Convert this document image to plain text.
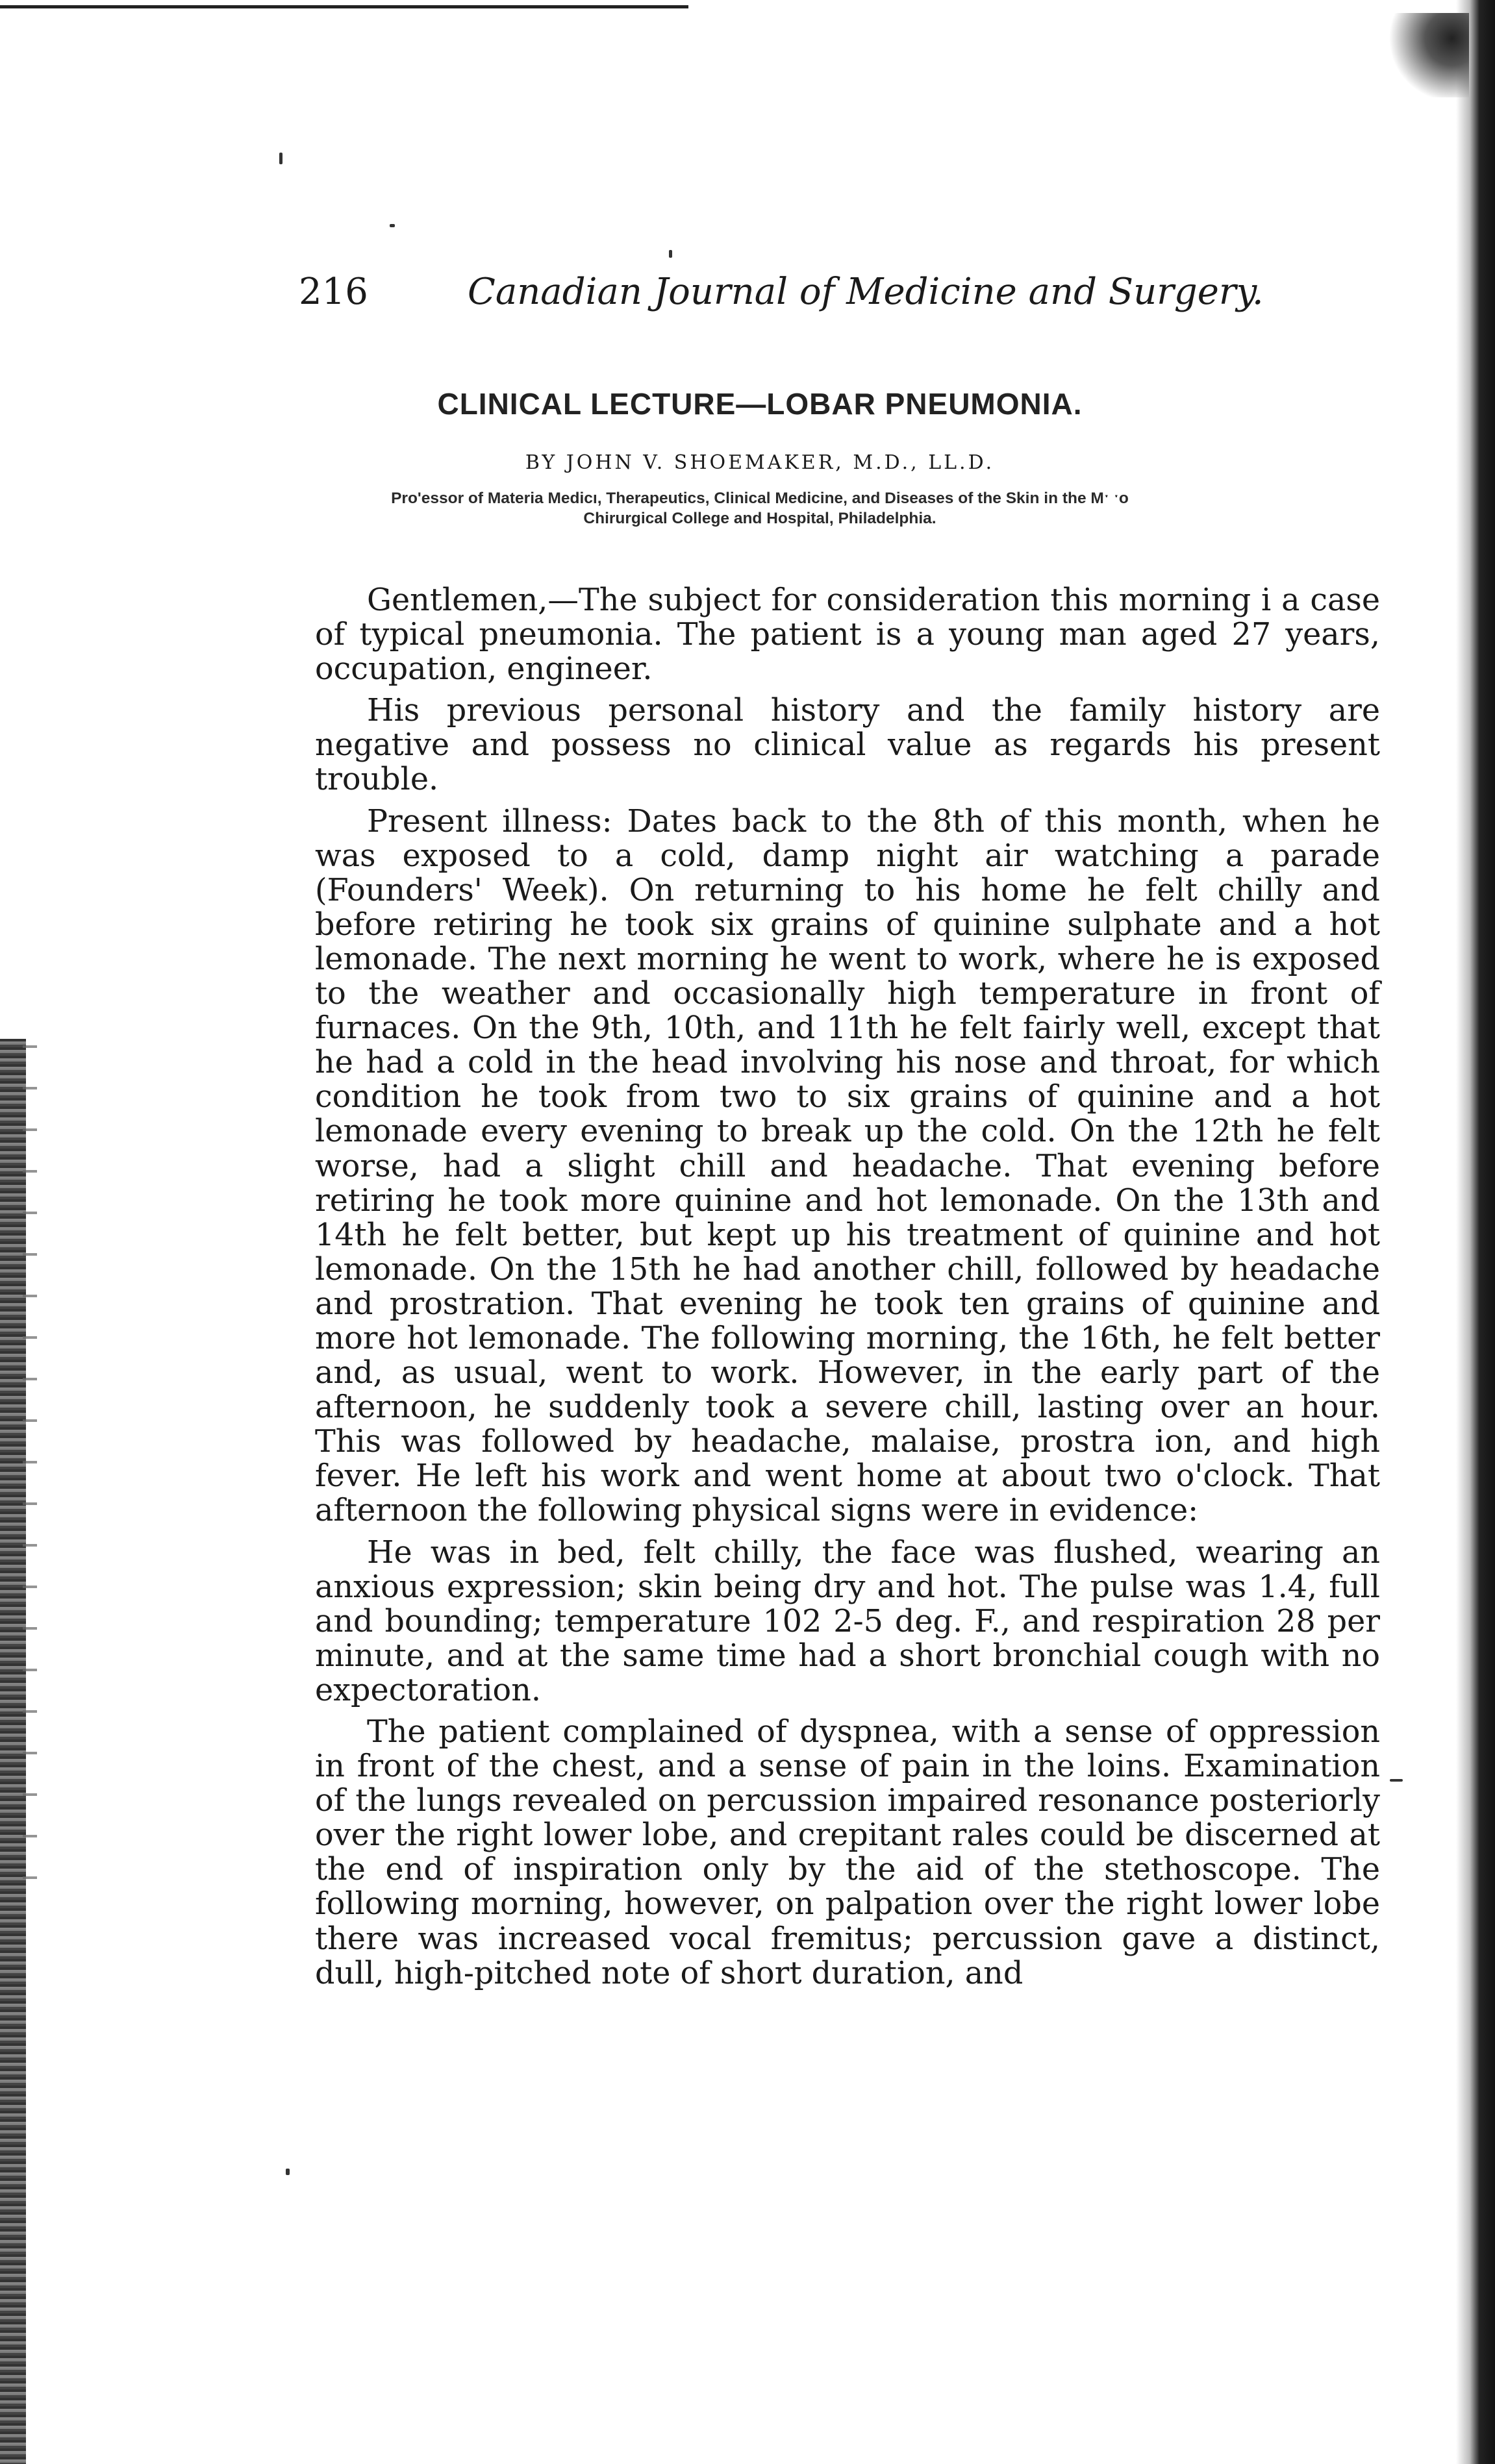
216	Canadian Journal of Medicine and Surgery.
CLINICAL LECTURE—LOBAR PNEUMONIA.
BY JOHN V. SHOEMAKER, M.D., LL.D.
Pro'essor of Materia Medicı, Therapeutics, Clinical Medicine, and Diseases of the Skin in the Mˑ ˑo
Chirurgical College and Hospital, Philadelphia.

Gentlemen,—The subject for consideration this morning i a case of typical pneumonia. The patient is a young man aged 27 years, occupation, engineer.

His previous personal history and the family history are negative and possess no clinical value as regards his present trouble.

Present illness: Dates back to the 8th of this month, when he was exposed to a cold, damp night air watching a parade (Founders' Week). On returning to his home he felt chilly and before retiring he took six grains of quinine sulphate and a hot lemonade. The next morning he went to work, where he is exposed to the weather and occasionally high temperature in front of furnaces. On the 9th, 10th, and 11th he felt fairly well, except that he had a cold in the head involving his nose and throat, for which condition he took from two to six grains of quinine and a hot lemonade every evening to break up the cold. On the 12th he felt worse, had a slight chill and headache. That evening before retiring he took more quinine and hot lemonade. On the 13th and 14th he felt better, but kept up his treatment of quinine and hot lemonade. On the 15th he had another chill, followed by headache and prostration. That evening he took ten grains of quinine and more hot lemonade. The following morning, the 16th, he felt better and, as usual, went to work. However, in the early part of the afternoon, he suddenly took a severe chill, lasting over an hour. This was followed by headache, malaise, prostra ion, and high fever. He left his work and went home at about two o'clock. That afternoon the following physical signs were in evidence:

He was in bed, felt chilly, the face was flushed, wearing an anxious expression; skin being dry and hot. The pulse was 1.4, full and bounding; temperature 102 2-5 deg. F., and respiration 28 per minute, and at the same time had a short bronchial cough with no expectoration.

The patient complained of dyspnea, with a sense of oppression in front of the chest, and a sense of pain in the loins. Examination of the lungs revealed on percussion impaired resonance posteriorly over the right lower lobe, and crepitant rales could be discerned at the end of inspiration only by the aid of the stethoscope. The following morning, however, on palpation over the right lower lobe there was increased vocal fremitus; percussion gave a distinct, dull, high-pitched note of short duration, and
